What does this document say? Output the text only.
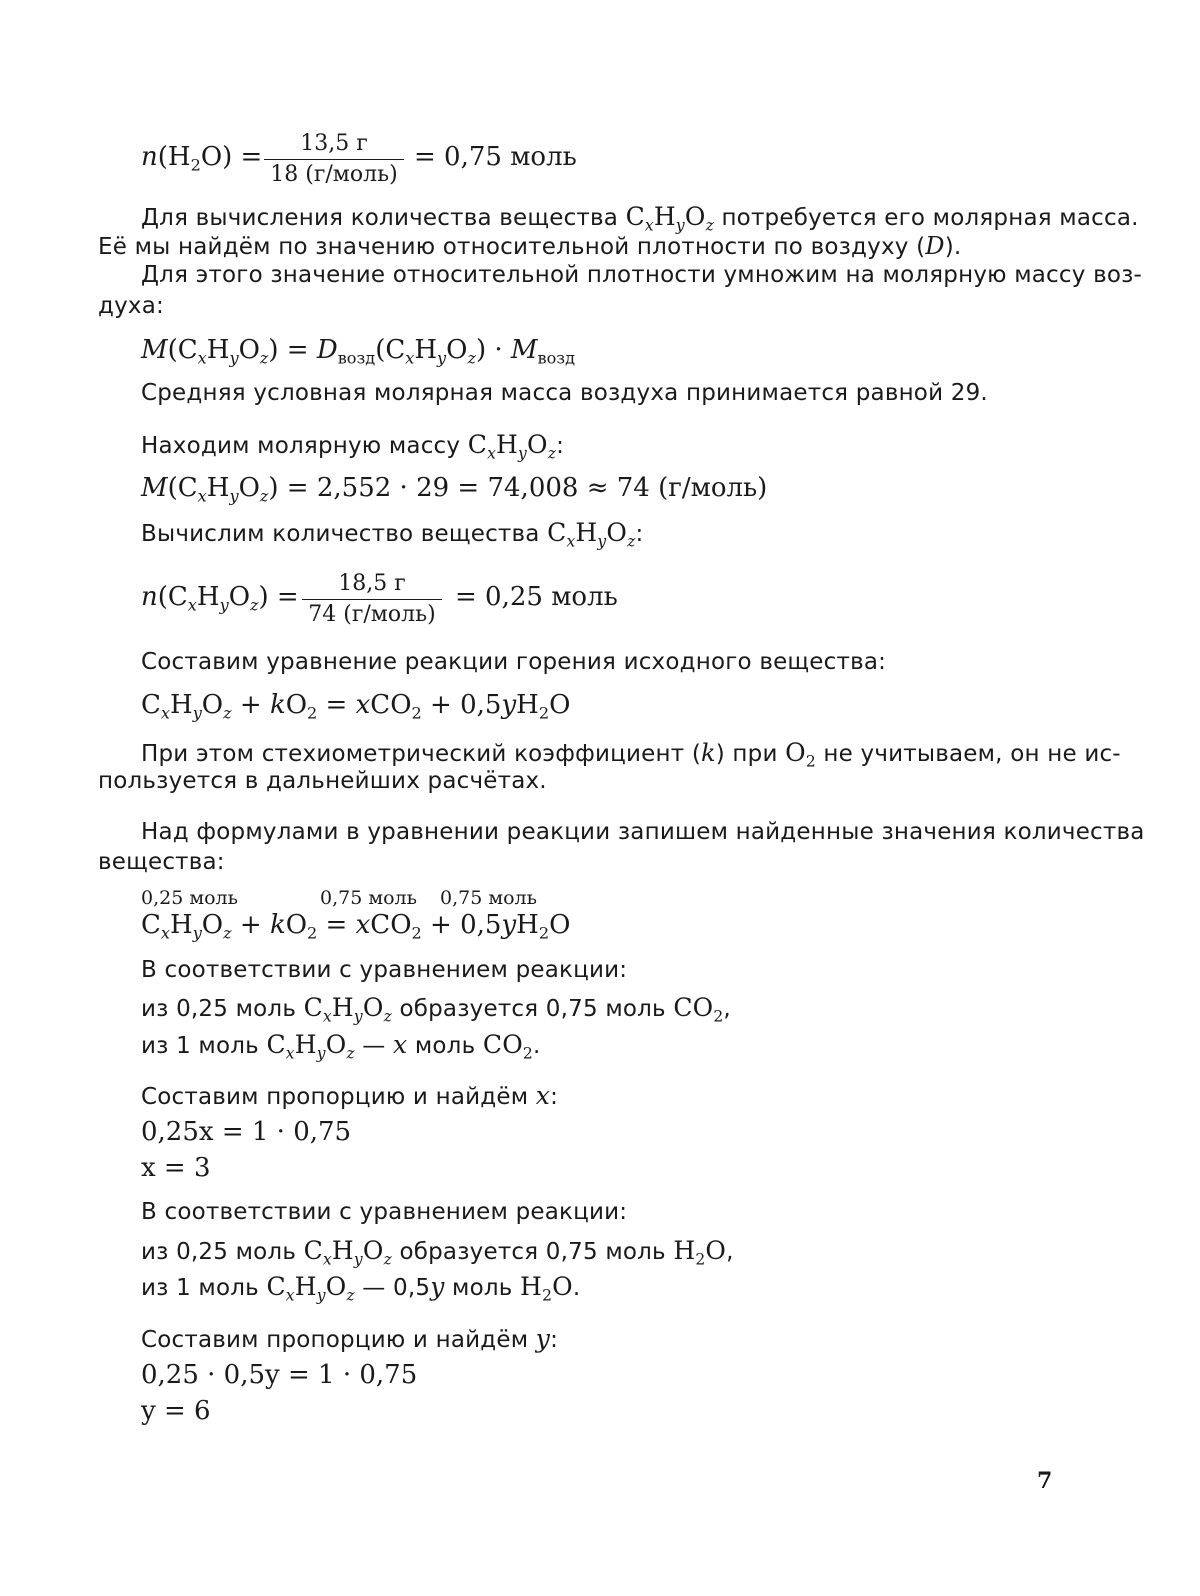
$n(H_2O)$ =	13,5 г
18 (г/моль)
= 0,75 моль
Для вычисления количества вещества $C_xH_yO_z$ потребуется его молярная масса.
Её мы найдём по значению относительной плотности по воздуху (D).
Для этого значение относительной плотности умножим на молярную массу воз-
духа:
$M(C_xH_yO_z) = D_{возд}(C_xH_yO_z) \cdot M_{возд}$
Средняя условная молярная масса воздуха принимается равной 29.
Находим молярную массу $C_xH_yO_z$:
$M(C_xH_yO_z) = 2,552 \cdot 29 = 74,008 \approx 74$ (г/моль)
Вычислим количество вещества $C_xH_yO_z$:
$n(C_xH_yO_z)$ =	18,5 г
74 (г/моль)
= 0,25 моль
Составим уравнение реакции горения исходного вещества:
$C_xH_yO_z + kO_2 = xCO_2 + 0,5yH_2O$
При этом стехиометрический коэффициент (k) при $O_2$ не учитываем, он не ис-
пользуется в дальнейших расчётах.
Над формулами в уравнении реакции запишем найденные значения количества
вещества:
0,25 моль	0,75 моль 0,75 моль
$C_xH_yO_z + kO_2 = xCO_2 + 0,5yH_2O$
В соответствии с уравнением реакции:
из 0,25 моль $C_xH_yO_z$ образуется 0,75 моль $CO_2$,
из 1 моль $C_xH_yO_z$ — x моль $CO_2$.
Составим пропорцию и найдём x:
0,25x = 1 · 0,75
x = 3
В соответствии с уравнением реакции:
из 0,25 моль $C_xH_yO_z$ образуется 0,75 моль $H_2O$,
из 1 моль $C_xH_yO_z$ — 0,5y моль $H_2O$.
Составим пропорцию и найдём y:
0,25 · 0,5y = 1 · 0,75
y = 6
7
